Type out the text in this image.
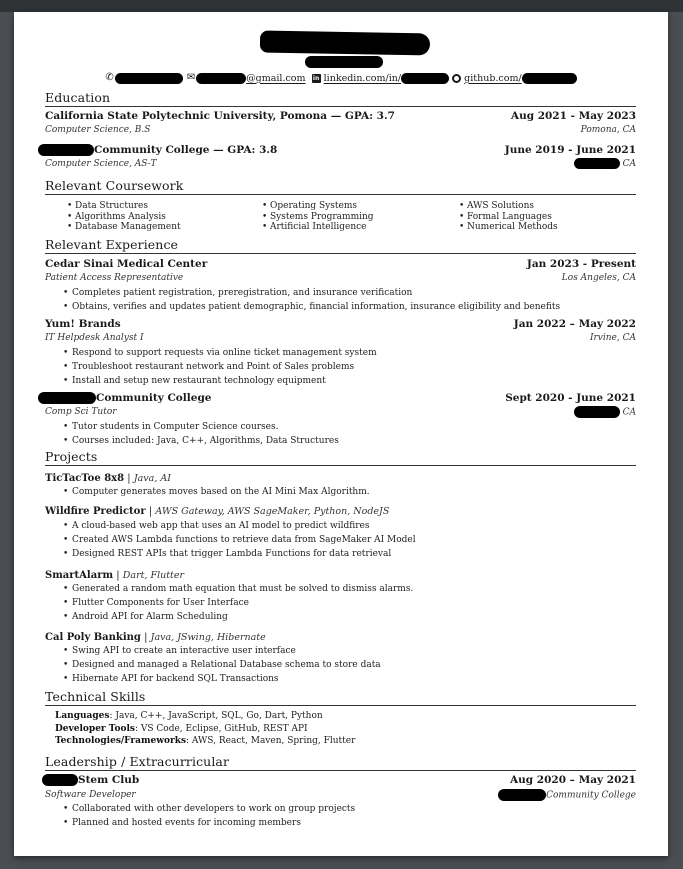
✆	✉	@gmail.com in linkedin.com/in/	github.com/
Education
California State Polytechnic University, Pomona — GPA: 3.7	Aug 2021 - May 2023
Computer Science, B.S	Pomona, CA
Community College — GPA: 3.8	June 2019 - June 2021
Computer Science, AS-T	CA
Relevant Coursework
• Data Structures
• Algorithms Analysis
• Database Management
• Operating Systems
• Systems Programming
• Artificial Intelligence
• AWS Solutions
• Formal Languages
• Numerical Methods
Relevant Experience
Cedar Sinai Medical Center	Jan 2023 - Present
Patient Access Representative	Los Angeles, CA
• Completes patient registration, preregistration, and insurance verification
• Obtains, verifies and updates patient demographic, financial information, insurance eligibility and benefits
Yum! Brands	Jan 2022 – May 2022
IT Helpdesk Analyst I	Irvine, CA
• Respond to support requests via online ticket management system
• Troubleshoot restaurant network and Point of Sales problems
• Install and setup new restaurant technology equipment
Community College	Sept 2020 - June 2021
Comp Sci Tutor	CA
• Tutor students in Computer Science courses.
• Courses included: Java, C++, Algorithms, Data Structures
Projects
TicTacToe 8x8 | Java, AI
• Computer generates moves based on the AI Mini Max Algorithm.
Wildfire Predictor | AWS Gateway, AWS SageMaker, Python, NodeJS
• A cloud-based web app that uses an AI model to predict wildfires
• Created AWS Lambda functions to retrieve data from SageMaker AI Model
• Designed REST APIs that trigger Lambda Functions for data retrieval
SmartAlarm | Dart, Flutter
• Generated a random math equation that must be solved to dismiss alarms.
• Flutter Components for User Interface
• Android API for Alarm Scheduling
Cal Poly Banking | Java, JSwing, Hibernate
• Swing API to create an interactive user interface
• Designed and managed a Relational Database schema to store data
• Hibernate API for backend SQL Transactions
Technical Skills
Languages: Java, C++, JavaScript, SQL, Go, Dart, Python
Developer Tools: VS Code, Eclipse, GitHub, REST API
Technologies/Frameworks: AWS, React, Maven, Spring, Flutter
Leadership / Extracurricular
Stem Club	Aug 2020 – May 2021
Software Developer	Community College
• Collaborated with other developers to work on group projects
• Planned and hosted events for incoming members
